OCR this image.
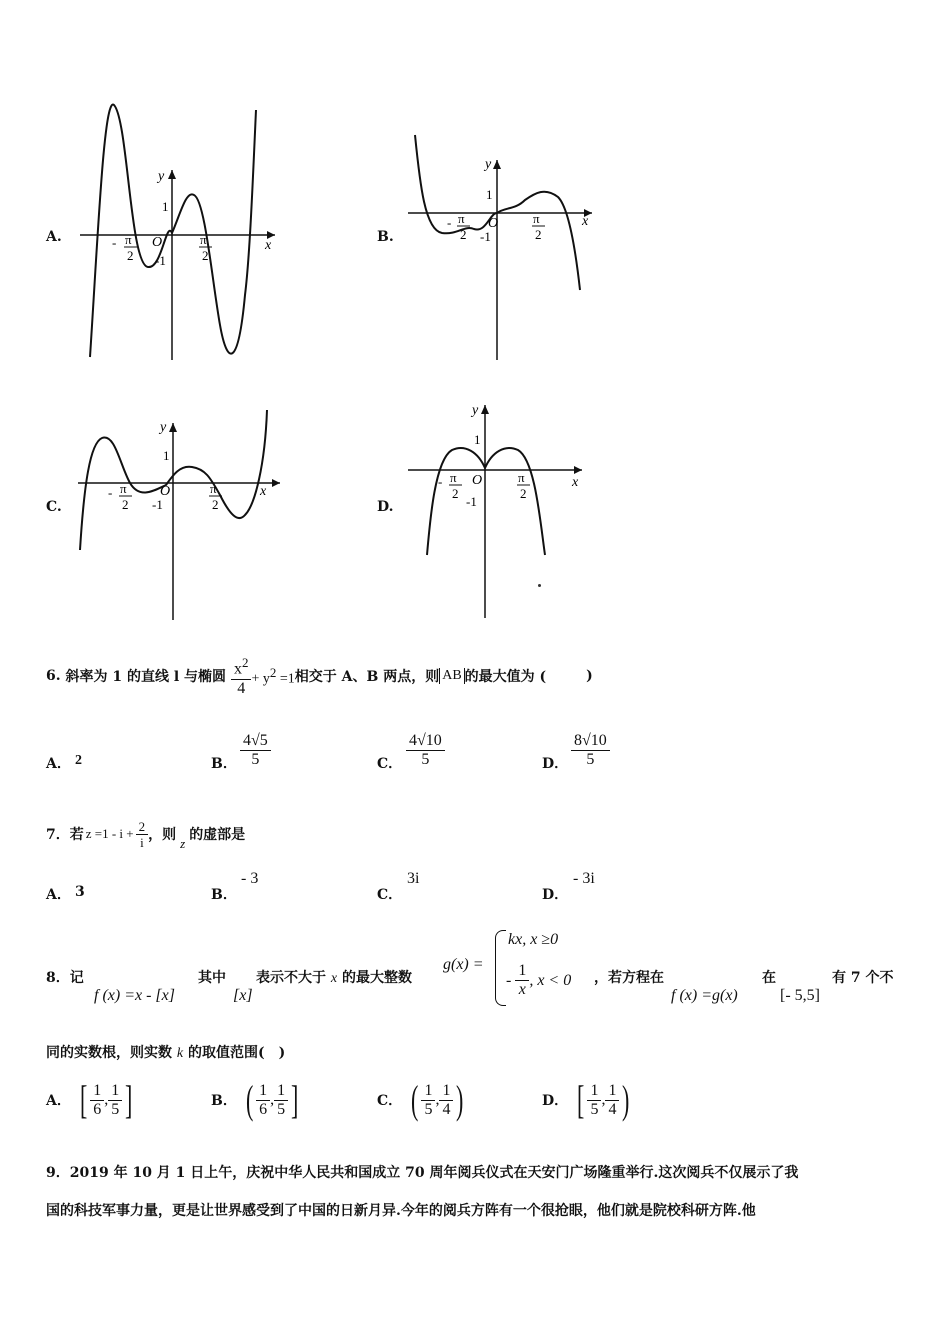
A.
y
x
O
1
-1
- π
2
π
2
B.
y
x
O
1
-1
- π
2
π
2
C.
y
x
O
1
-1
- π
2
π
2	D.
y
x
O
1
-1
- π
2
π
2
6.
斜率为 1 的直线 l 与椭圆
$\frac{x^2}{4} + y^2 =1$ 相交于 A、B 两点，则 AB 的最大值为 (	)
A． 2	B． $\frac{4√5}{5}$	C． $\frac{4√10}{5}$	D． $\frac{8√10}{5}$
7．若 $z =1 - i + \frac{2}{i}$ ，则
z
的虚部是
A． 3	B．
- 3
C．
3i
D．
- 3i
8．记
f (x) =x - [x]
其中
[x]
表示不大于 x 的最大整数
g(x) =
kx, x ≥0
-
$\frac{1}{x}$ , x < 0 ，若方程在
f (x) =g(x)
在
[- 5,5]
有 7 个不
同的实数根，则实数 k 的取值范围(　)
A． [ $\frac{1}{6}$ , $\frac{1}{5}$ ]	B． ( $\frac{1}{6}$ , $\frac{1}{5}$ ]	C． ( $\frac{1}{5}$ , $\frac{1}{4}$ )	D． [ $\frac{1}{5}$ , $\frac{1}{4}$ )
9．2019 年 10 月 1 日上午，庆祝中华人民共和国成立 70 周年阅兵仪式在天安门广场隆重举行.这次阅兵不仅展示了我
国的科技军事力量，更是让世界感受到了中国的日新月异.今年的阅兵方阵有一个很抢眼，他们就是院校科研方阵.他
